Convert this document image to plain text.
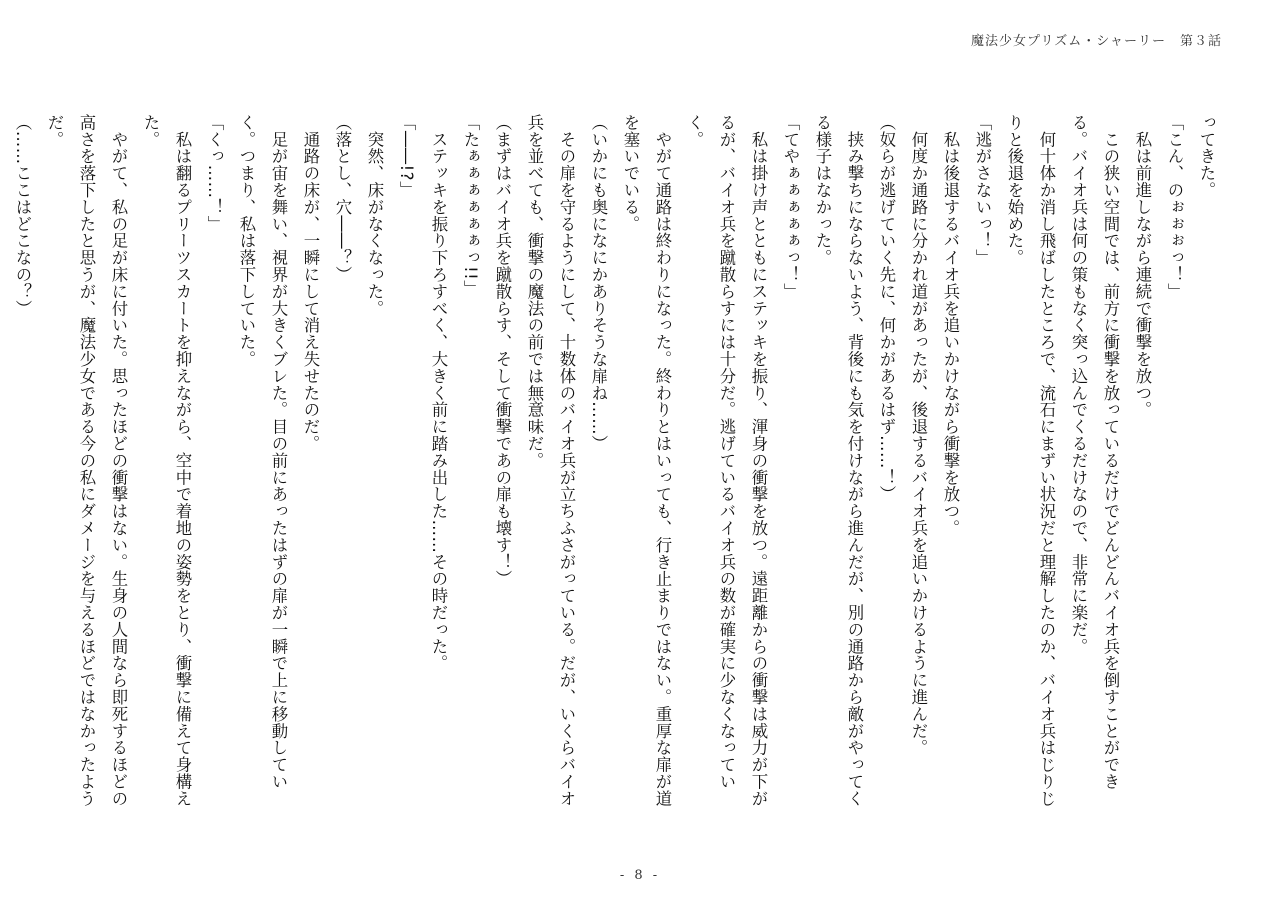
魔法少女プリズム・シャーリー　第３話

ってきた。

「こん、のぉぉぉっ！」

　私は前進しながら連続で衝撃を放つ。

　この狭い空間では、前方に衝撃を放っているだけでどんどんバイオ兵を倒すことができる。バイオ兵は何の策もなく突っ込んでくるだけなので、非常に楽だ。

　何十体か消し飛ばしたところで、流石にまずい状況だと理解したのか、バイオ兵はじりじりと後退を始めた。

「逃がさないっ！」

　私は後退するバイオ兵を追いかけながら衝撃を放つ。

　何度か通路に分かれ道があったが、後退するバイオ兵を追いかけるように進んだ。

（奴らが逃げていく先に、何かがあるはず……！）

　挟み撃ちにならないよう、背後にも気を付けながら進んだが、別の通路から敵がやってくる様子はなかった。

「てやぁぁぁぁぁっ！」

　私は掛け声とともにステッキを振り、渾身の衝撃を放つ。遠距離からの衝撃は威力が下がるが、バイオ兵を蹴散らすには十分だ。逃げているバイオ兵の数が確実に少なくなっていく。

　やがて通路は終わりになった。終わりとはいっても、行き止まりではない。重厚な扉が道を塞いでいる。

（いかにも奥になにかありそうな扉ね……）

　その扉を守るようにして、十数体のバイオ兵が立ちふさがっている。だが、いくらバイオ兵を並べても、衝撃の魔法の前では無意味だ。

（まずはバイオ兵を蹴散らす、そして衝撃であの扉も壊す！）

「たぁぁぁぁぁぁっ!!」

　ステッキを振り下ろすべく、大きく前に踏み出した……その時だった。

「――!?」

　突然、床がなくなった。

（落とし、穴――？）

　通路の床が、一瞬にして消え失せたのだ。

　足が宙を舞い、視界が大きくブレた。目の前にあったはずの扉が一瞬で上に移動していく。つまり、私は落下していた。

「くっ……！」

　私は翻るプリーツスカートを抑えながら、空中で着地の姿勢をとり、衝撃に備えて身構えた。

　やがて、私の足が床に付いた。思ったほどの衝撃はない。生身の人間なら即死するほどの高さを落下したと思うが、魔法少女である今の私にダメージを与えるほどではなかったようだ。

（……ここはどこなの？）

- 8 -
